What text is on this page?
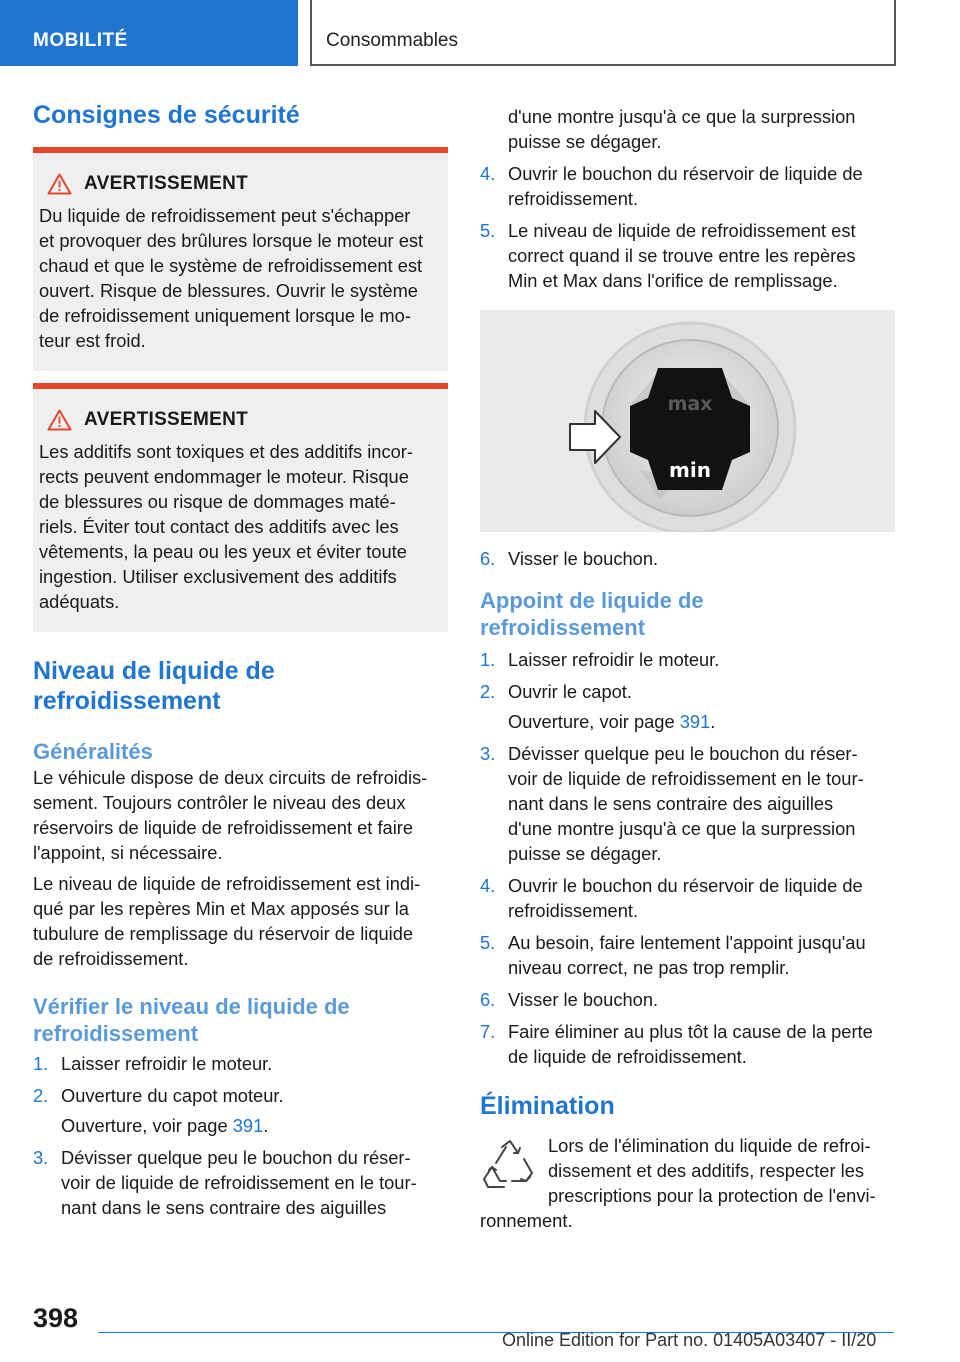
MOBILITÉ	Consommables
Consignes de sécurité
AVERTISSEMENT
Du liquide de refroidissement peut s'échapper
et provoquer des brûlures lorsque le moteur est
chaud et que le système de refroidissement est
ouvert. Risque de blessures. Ouvrir le système
de refroidissement uniquement lorsque le mo‐
teur est froid.
AVERTISSEMENT
Les additifs sont toxiques et des additifs incor‐
rects peuvent endommager le moteur. Risque
de blessures ou risque de dommages maté‐
riels. Éviter tout contact des additifs avec les
vêtements, la peau ou les yeux et éviter toute
ingestion. Utiliser exclusivement des additifs
adéquats.
Niveau de liquide de
refroidissement
Généralités
Le véhicule dispose de deux circuits de refroidis‐
sement. Toujours contrôler le niveau des deux
réservoirs de liquide de refroidissement et faire
l'appoint, si nécessaire.
Le niveau de liquide de refroidissement est indi‐
qué par les repères Min et Max apposés sur la
tubulure de remplissage du réservoir de liquide
de refroidissement.
Vérifier le niveau de liquide de
refroidissement
1. Laisser refroidir le moteur.
2. Ouverture du capot moteur.
Ouverture, voir page 391.
3. Dévisser quelque peu le bouchon du réser‐
voir de liquide de refroidissement en le tour‐
nant dans le sens contraire des aiguilles
d'une montre jusqu'à ce que la surpression
puisse se dégager.
4. Ouvrir le bouchon du réservoir de liquide de
refroidissement.
5. Le niveau de liquide de refroidissement est
correct quand il se trouve entre les repères
Min et Max dans l'orifice de remplissage.
max
min
6. Visser le bouchon.
Appoint de liquide de
refroidissement
1. Laisser refroidir le moteur.
2. Ouvrir le capot.
Ouverture, voir page 391.
3. Dévisser quelque peu le bouchon du réser‐
voir de liquide de refroidissement en le tour‐
nant dans le sens contraire des aiguilles
d'une montre jusqu'à ce que la surpression
puisse se dégager.
4. Ouvrir le bouchon du réservoir de liquide de
refroidissement.
5. Au besoin, faire lentement l'appoint jusqu'au
niveau correct, ne pas trop remplir.
6. Visser le bouchon.
7. Faire éliminer au plus tôt la cause de la perte
de liquide de refroidissement.
Élimination
Lors de l'élimination du liquide de refroi‐
dissement et des additifs, respecter les
prescriptions pour la protection de l'envi‐
ronnement.
398
Online Edition for Part no. 01405A03407 - II/20
